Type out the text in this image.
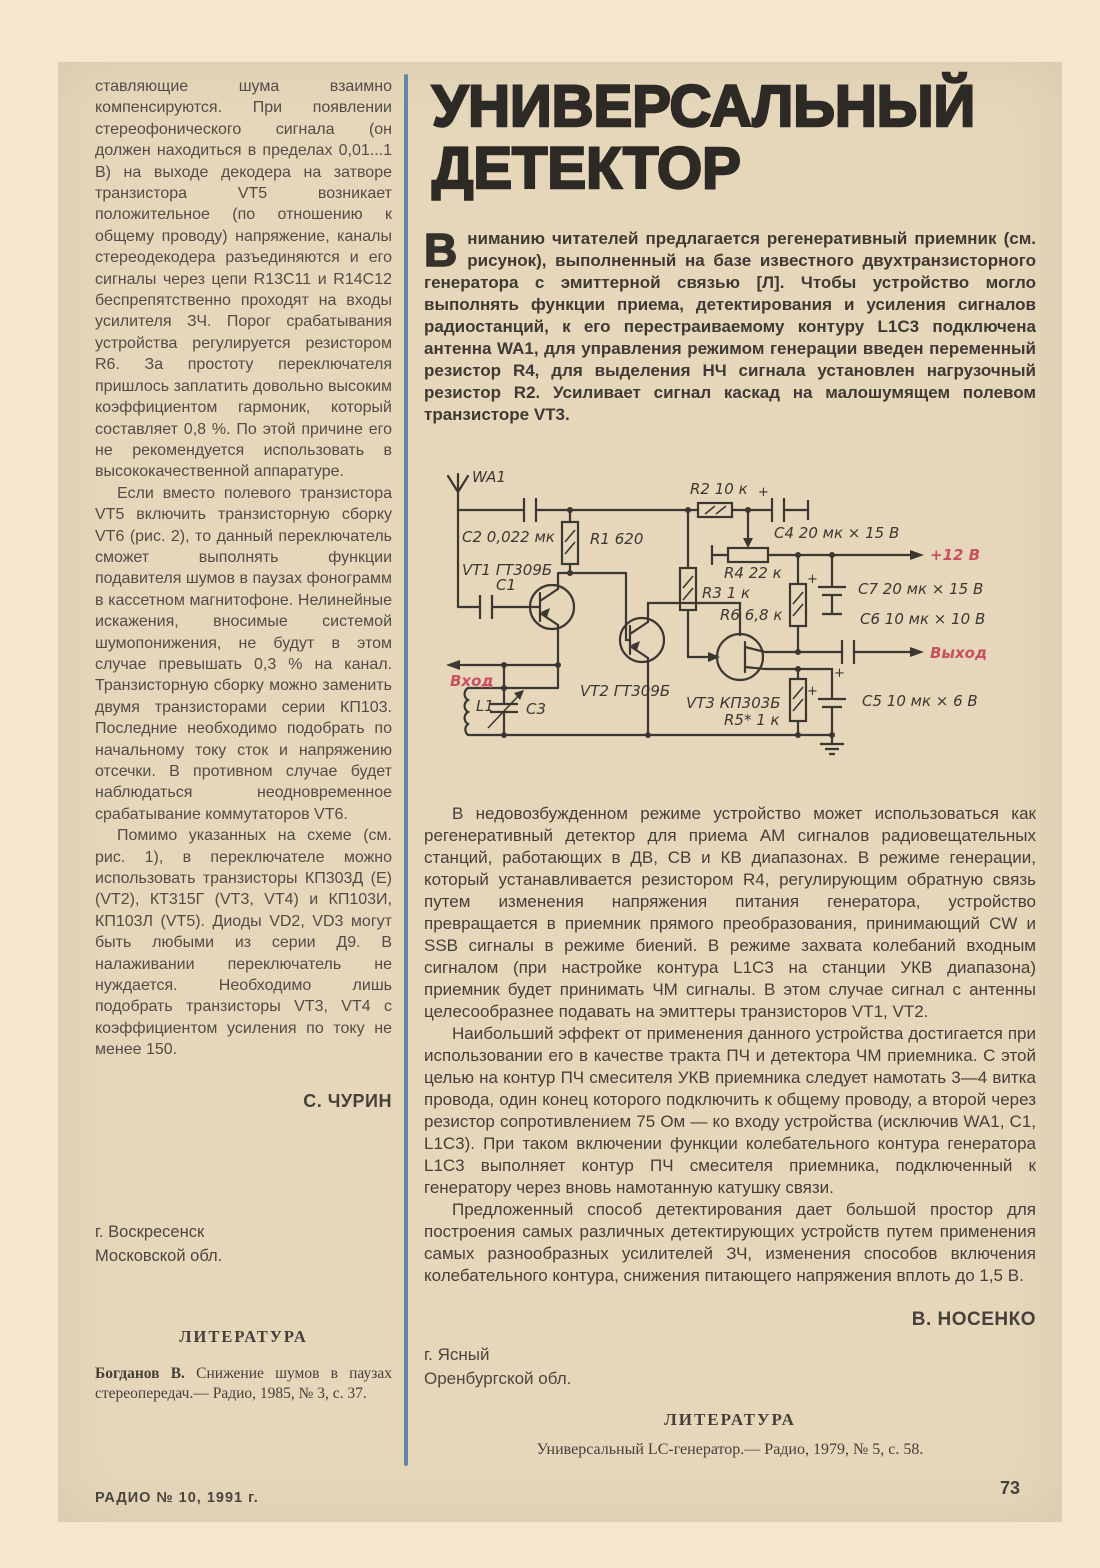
ставляющие шума взаимно компенсируются. При появлении стереофонического сигнала (он должен находиться в пределах 0,01...1 В) на выходе декодера на затворе транзистора VT5 возникает положительное (по отношению к общему проводу) напряжение, каналы стереодекодера разъединяются и его сигналы через цепи R13C11 и R14C12 беспрепятственно проходят на входы усилителя ЗЧ. Порог срабатывания устройства регулируется резистором R6. За простоту переключателя пришлось заплатить довольно высоким коэффициентом гармоник, который составляет 0,8 %. По этой причине его не рекомендуется использовать в высококачественной аппаратуре.

Если вместо полевого транзистора VT5 включить транзисторную сборку VT6 (рис. 2), то данный переключатель сможет выполнять функции подавителя шумов в паузах фонограмм в кассетном магнитофоне. Нелинейные искажения, вносимые системой шумопонижения, не будут в этом случае превышать 0,3 % на канал. Транзисторную сборку можно заменить двумя транзисторами серии КП103. Последние необходимо подобрать по начальному току сток и напряжению отсечки. В противном случае будет наблюдаться неодновременное срабатывание коммутаторов VT6.

Помимо указанных на схеме (см. рис. 1), в переключателе можно использовать транзисторы КП303Д (Е) (VT2), КТ315Г (VT3, VT4) и КП103И, КП103Л (VT5). Диоды VD2, VD3 могут быть любыми из серии Д9. В налаживании переключатель не нуждается. Необходимо лишь подобрать транзисторы VT3, VT4 с коэффициентом усиления по току не менее 150.

С. ЧУРИН
г. Воскресенск
Московской обл.
ЛИТЕРАТУРА
Богданов В. Снижение шумов в паузах стереопередач.— Радио, 1985, № 3, с. 37.
УНИВЕРСАЛЬНЫЙ
ДЕТЕКТОР
Вниманию читателей предлагается регенеративный приемник (см. рисунок), выполненный на базе известного двухтранзисторного генератора с эмиттерной связью [Л]. Чтобы устройство могло выполнять функции приема, детектирования и усиления сигналов радиостанций, к его перестраиваемому контуру L1C3 подключена антенна WA1, для управления режимом генерации введен переменный резистор R4, для выделения НЧ сигнала установлен нагрузочный резистор R2. Усиливает сигнал каскад на малошумящем полевом транзисторе VT3.
WA1
C2 0,022 мк R1 620
VT1 ГТ309Б
C1
Вход
L1 C3
VT2 ГТ309Б
R2 10 к
C4 20 мк × 15 В
+12 В
R4 22 к
R3 1 к
R6 6,8 к
C7 20 мк × 15 В
C6 10 мк × 10 В
Выход
VT3 КП303Б
R5* 1 к
C5 10 мк × 6 В
+
+
+
+

В недовозбужденном режиме устройство может использоваться как регенеративный детектор для приема АМ сигналов радиовещательных станций, работающих в ДВ, СВ и КВ диапазонах. В режиме генерации, который устанавливается резистором R4, регулирующим обратную связь путем изменения напряжения питания генератора, устройство превращается в приемник прямого преобразования, принимающий CW и SSB сигналы в режиме биений. В режиме захвата колебаний входным сигналом (при настройке контура L1C3 на станции УКВ диапазона) приемник будет принимать ЧМ сигналы. В этом случае сигнал с антенны целесообразнее подавать на эмиттеры транзисторов VT1, VT2.

Наибольший эффект от применения данного устройства достигается при использовании его в качестве тракта ПЧ и детектора ЧМ приемника. С этой целью на контур ПЧ смесителя УКВ приемника следует намотать 3—4 витка провода, один конец которого подключить к общему проводу, а второй через резистор сопротивлением 75 Ом — ко входу устройства (исключив WA1, C1, L1C3). При таком включении функции колебательного контура генератора L1C3 выполняет контур ПЧ смесителя приемника, подключенный к генератору через вновь намотанную катушку связи.

Предложенный способ детектирования дает большой простор для построения самых различных детектирующих устройств путем применения самых разнообразных усилителей ЗЧ, изменения способов включения колебательного контура, снижения питающего напряжения вплоть до 1,5 В.

В. НОСЕНКО
г. Ясный
Оренбургской обл.
ЛИТЕРАТУРА
Универсальный LC-генератор.— Радио, 1979, № 5, с. 58.
РАДИО № 10, 1991 г.	73
